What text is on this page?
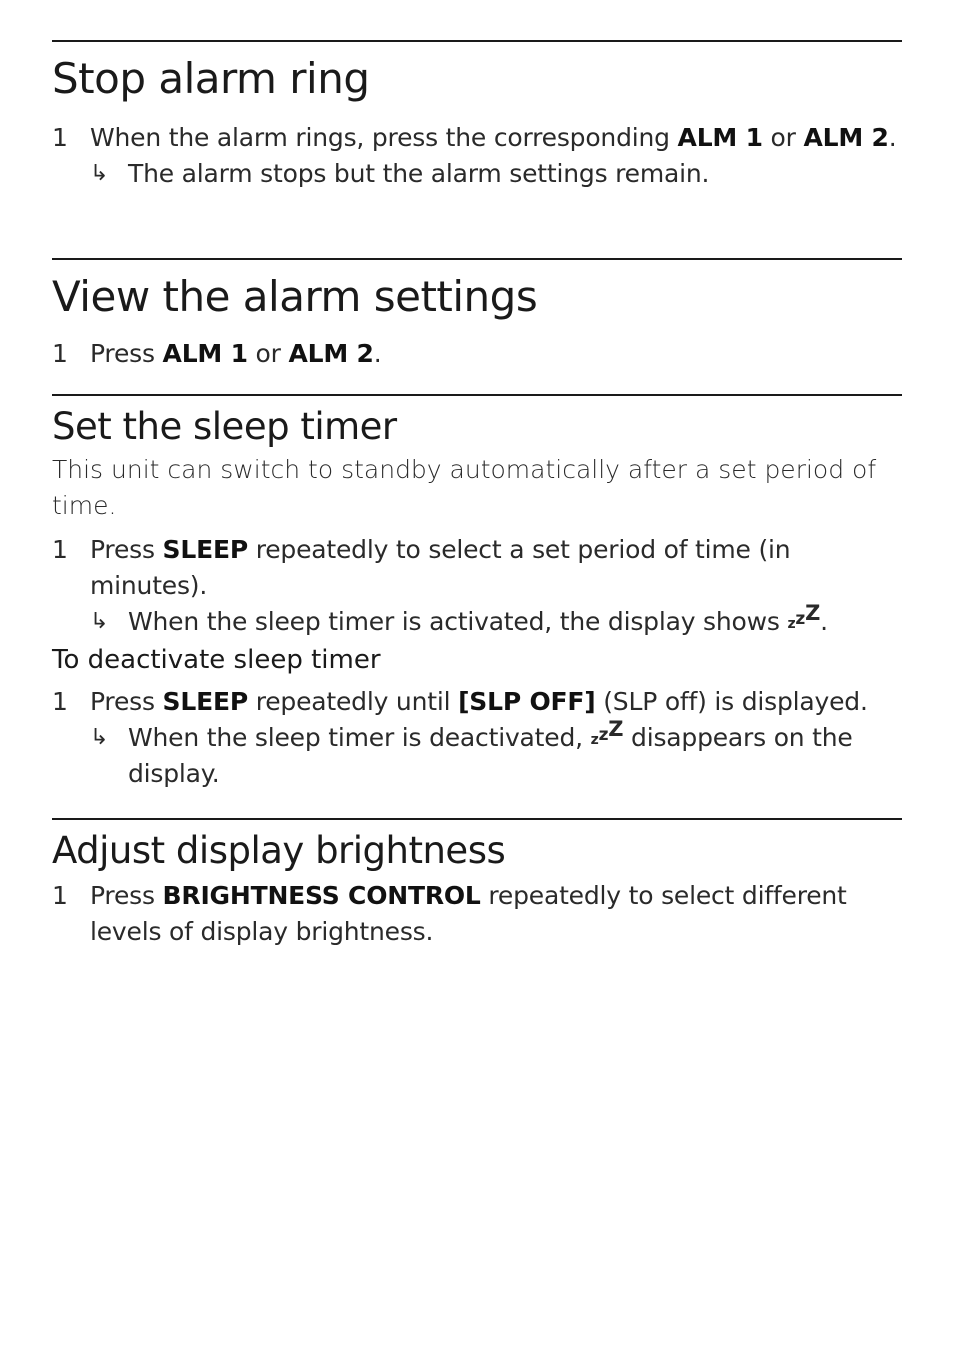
Stop alarm ring
1 When the alarm rings, press the corresponding ALM 1 or ALM 2.
↳ The alarm stops but the alarm settings remain.
View the alarm settings
1 Press ALM 1 or ALM 2.
Set the sleep timer

This unit can switch to standby automatically after a set period of time.

1 Press SLEEP repeatedly to select a set period of time (in minutes).
↳ When the sleep timer is activated, the display shows zzZ.
To deactivate sleep timer
1 Press SLEEP repeatedly until [SLP OFF] (SLP off) is displayed.
↳ When the sleep timer is deactivated, zzZ disappears on the display.
Adjust display brightness
1 Press BRIGHTNESS CONTROL repeatedly to select different levels of display brightness.
